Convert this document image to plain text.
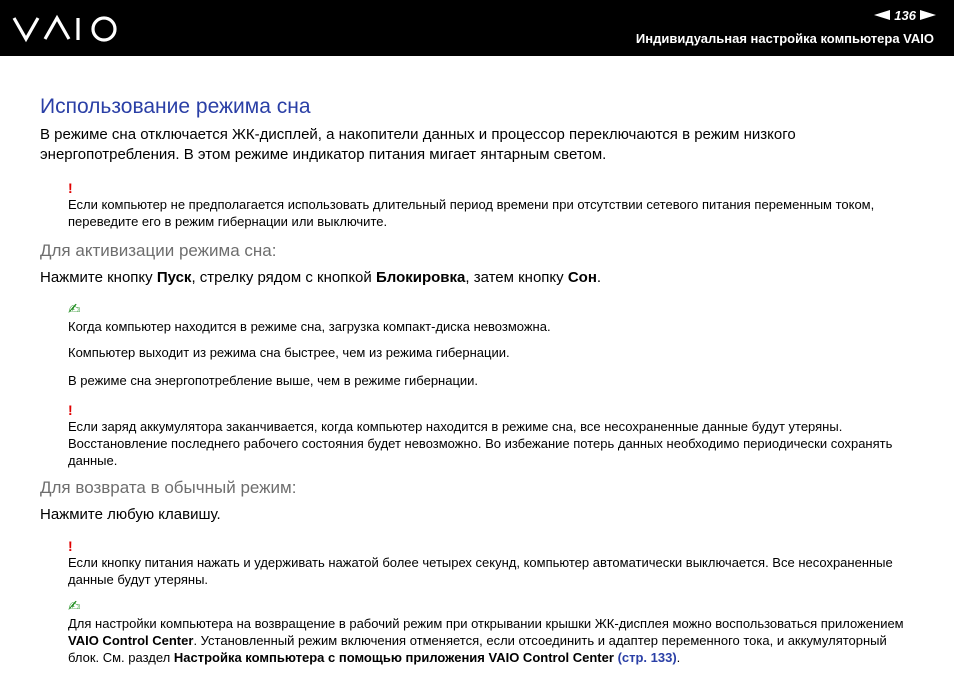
136
Индивидуальная настройка компьютера VAIO
Использование режима сна

В режиме сна отключается ЖК-дисплей, а накопители данных и процессор переключаются в режим низкого энергопотребления. В этом режиме индикатор питания мигает янтарным светом.

!

Если компьютер не предполагается использовать длительный период времени при отсутствии сетевого питания переменным током, переведите его в режим гибернации или выключите.

Для активизации режима сна:

Нажмите кнопку Пуск, стрелку рядом с кнопкой Блокировка, затем кнопку Сон.

✍

Когда компьютер находится в режиме сна, загрузка компакт-диска невозможна.

Компьютер выходит из режима сна быстрее, чем из режима гибернации.

В режиме сна энергопотребление выше, чем в режиме гибернации.

!

Если заряд аккумулятора заканчивается, когда компьютер находится в режиме сна, все несохраненные данные будут утеряны. Восстановление последнего рабочего состояния будет невозможно. Во избежание потерь данных необходимо периодически сохранять данные.

Для возврата в обычный режим:

Нажмите любую клавишу.

!

Если кнопку питания нажать и удерживать нажатой более четырех секунд, компьютер автоматически выключается. Все несохраненные данные будут утеряны.

✍

Для настройки компьютера на возвращение в рабочий режим при открывании крышки ЖК-дисплея можно воспользоваться приложением VAIO Control Center. Установленный режим включения отменяется, если отсоединить и адаптер переменного тока, и аккумуляторный блок. См. раздел Настройка компьютера с помощью приложения VAIO Control Center (стр. 133).
